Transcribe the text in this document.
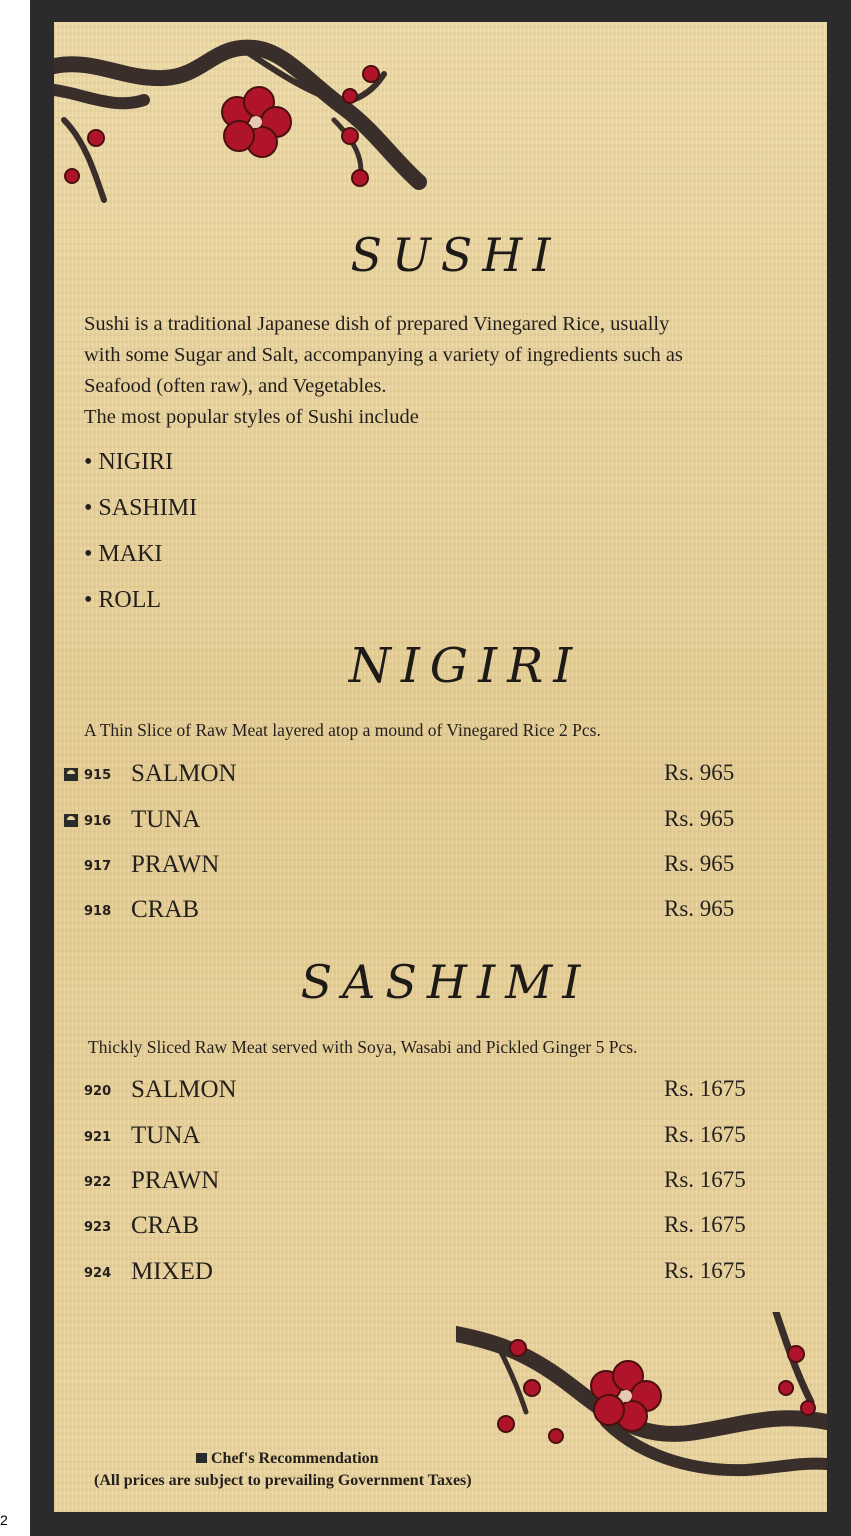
SUSHI
Sushi is a traditional Japanese dish of prepared Vinegared Rice, usually
with some Sugar and Salt, accompanying a variety of ingredients such as
Seafood (often raw), and Vegetables.
The most popular styles of Sushi include
• NIGIRI
• SASHIMI
• MAKI
• ROLL
NIGIRI
A Thin Slice of Raw Meat layered atop a mound of Vinegared Rice 2 Pcs.
915 SALMON	Rs. 965
916 TUNA	Rs. 965
917 PRAWN	Rs. 965
918 CRAB	Rs. 965
SASHIMI
Thickly Sliced Raw Meat served with Soya, Wasabi and Pickled Ginger 5 Pcs.
920 SALMON	Rs. 1675
921 TUNA	Rs. 1675
922 PRAWN	Rs. 1675
923 CRAB	Rs. 1675
924 MIXED	Rs. 1675
Chef's Recommendation
(All prices are subject to prevailing Government Taxes)
2
